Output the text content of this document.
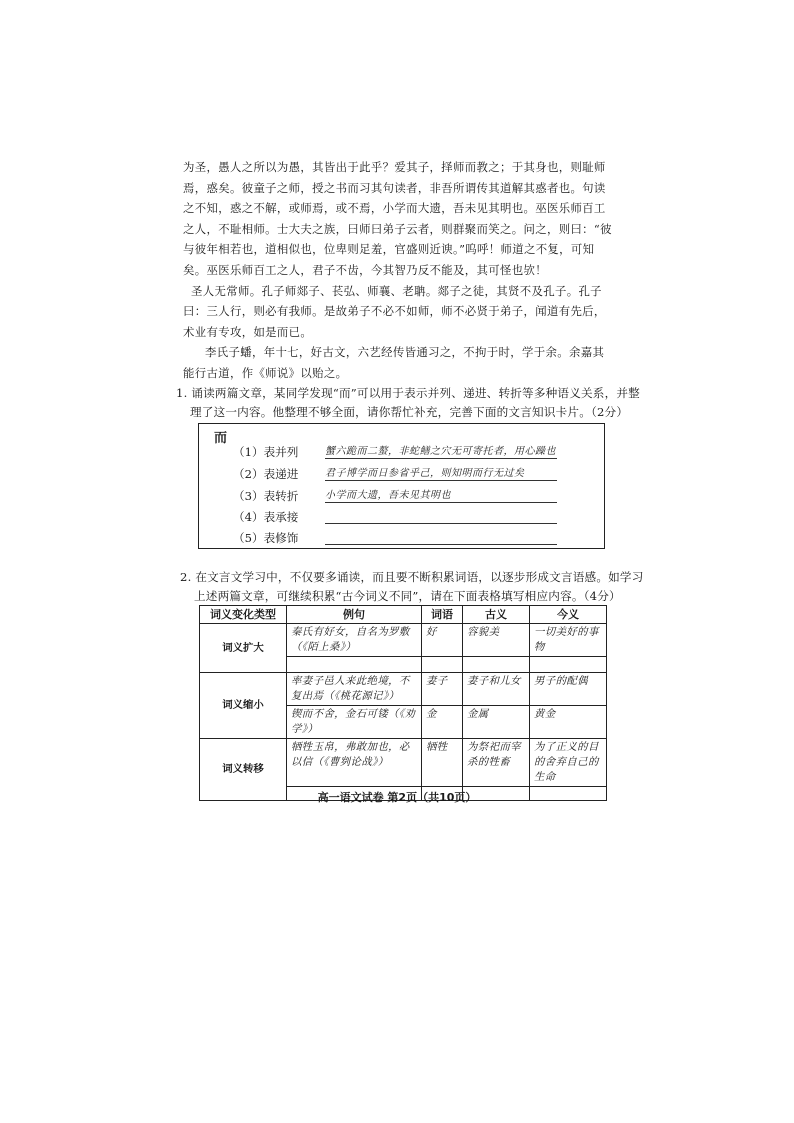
为圣，愚人之所以为愚，其皆出于此乎？爱其子，择师而教之；于其身也，则耻师焉，惑矣。彼童子之师，授之书而习其句读者，非吾所谓传其道解其惑者也。句读之不知，惑之不解，或师焉，或不焉，小学而大遗，吾未见其明也。巫医乐师百工之人，不耻相师。士大夫之族，曰师曰弟子云者，则群聚而笑之。问之，则曰：“彼与彼年相若也，道相似也，位卑则足羞，官盛则近谀。”呜呼！师道之不复，可知矣。巫医乐师百工之人，君子不齿，今其智乃反不能及，其可怪也欤！

圣人无常师。孔子师郯子、苌弘、师襄、老聃。郯子之徒，其贤不及孔子。孔子曰：三人行，则必有我师。是故弟子不必不如师，师不必贤于弟子，闻道有先后，术业有专攻，如是而已。

李氏子蟠，年十七，好古文，六艺经传皆通习之，不拘于时，学于余。余嘉其能行古道，作《师说》以贻之。

1. 诵读两篇文章，某同学发现“而”可以用于表示并列、递进、转折等多种语义关系，并整
理了这一内容。他整理不够全面，请你帮忙补充，完善下面的文言知识卡片。（2分）
而
（1）表并列	蟹六跪而二螯，非蛇鳝之穴无可寄托者，用心躁也
（2）表递进	君子博学而日参省乎己，则知明而行无过矣
（3）表转折	小学而大遗，吾未见其明也
（4）表承接
（5）表修饰
2. 在文言文学习中，不仅要多诵读，而且要不断积累词语，以逐步形成文言语感。如学习
上述两篇文章，可继续积累“古今词义不同”，请在下面表格填写相应内容。（4分）
词义变化类型	例句	词语	古义	今义
词义扩大	秦氏有好女，自名为罗敷（《陌上桑》）	好	容貌美	一切美好的事物

词义缩小	率妻子邑人来此绝境，不复出焉（《桃花源记》）	妻子	妻子和儿女	男子的配偶
	锲而不舍，金石可镂（《劝学》）	金	金属	黄金
词义转移	牺牲玉帛，弗敢加也，必以信（《曹刿论战》）	牺牲	为祭祀而宰杀的牲畜	为了正义的目的舍弃自己的生命

高一语文试卷 第2页（共10页）
